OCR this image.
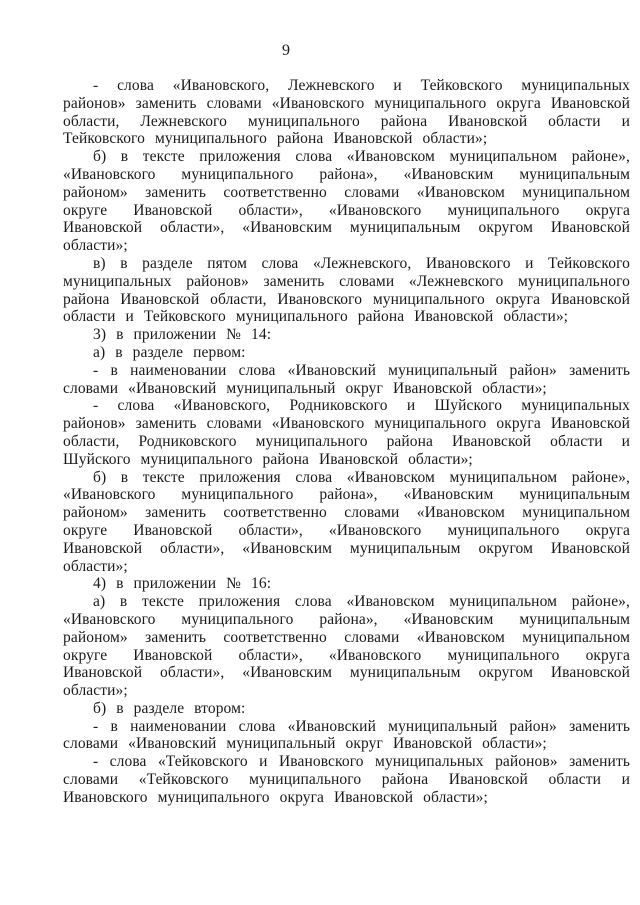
9

- слова «Ивановского, Лежневского и Тейковского муниципальных районов» заменить словами «Ивановского муниципального округа Ивановской области, Лежневского муниципального района Ивановской области и Тейковского муниципального района Ивановской области»;

б) в тексте приложения слова «Ивановском муниципальном районе», «Ивановского муниципального района», «Ивановским муниципальным районом» заменить соответственно словами «Ивановском муниципальном округе Ивановской области», «Ивановского муниципального округа Ивановской области», «Ивановским муниципальным округом Ивановской области»;

в) в разделе пятом слова «Лежневского, Ивановского и Тейковского муниципальных районов» заменить словами «Лежневского муниципального района Ивановской области, Ивановского муниципального округа Ивановской области и Тейковского муниципального района Ивановской области»;

3) в приложении № 14:

а) в разделе первом:

- в наименовании слова «Ивановский муниципальный район» заменить словами «Ивановский муниципальный округ Ивановской области»;

- слова «Ивановского, Родниковского и Шуйского муниципальных районов» заменить словами «Ивановского муниципального округа Ивановской области, Родниковского муниципального района Ивановской области и Шуйского муниципального района Ивановской области»;

б) в тексте приложения слова «Ивановском муниципальном районе», «Ивановского муниципального района», «Ивановским муниципальным районом» заменить соответственно словами «Ивановском муниципальном округе Ивановской области», «Ивановского муниципального округа Ивановской области», «Ивановским муниципальным округом Ивановской области»;

4) в приложении № 16:

а) в тексте приложения слова «Ивановском муниципальном районе», «Ивановского муниципального района», «Ивановским муниципальным районом» заменить соответственно словами «Ивановском муниципальном округе Ивановской области», «Ивановского муниципального округа Ивановской области», «Ивановским муниципальным округом Ивановской области»;

б) в разделе втором:

- в наименовании слова «Ивановский муниципальный район» заменить словами «Ивановский муниципальный округ Ивановской области»;

- слова «Тейковского и Ивановского муниципальных районов» заменить словами «Тейковского муниципального района Ивановской области и Ивановского муниципального округа Ивановской области»;
